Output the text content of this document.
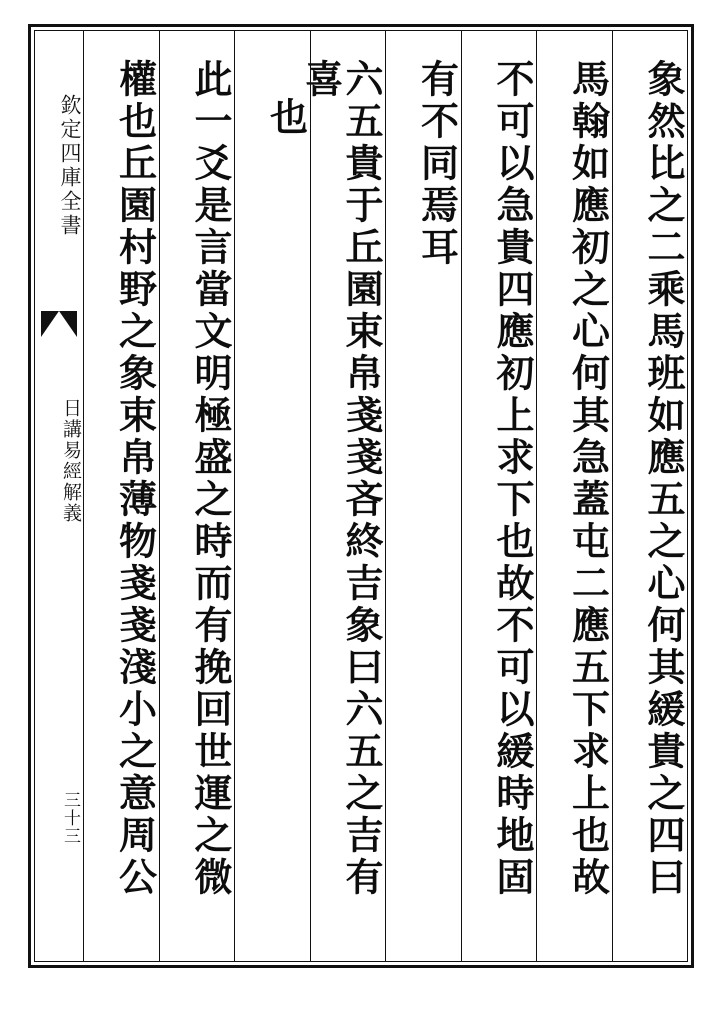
欽定四庫全書
日講易經解義
三十三	象然比之二乘馬班如應五之心何其緩貴之四曰
馬翰如應初之心何其急蓋屯二應五下求上也故
不可以急貴四應初上求下也故不可以緩時地固
有不同焉耳
六五貴于丘園束帛戔戔吝終吉象曰六五之吉有喜
也
此一爻是言當文明極盛之時而有挽回世運之微
權也丘園村野之象束帛薄物戔戔淺小之意周公
